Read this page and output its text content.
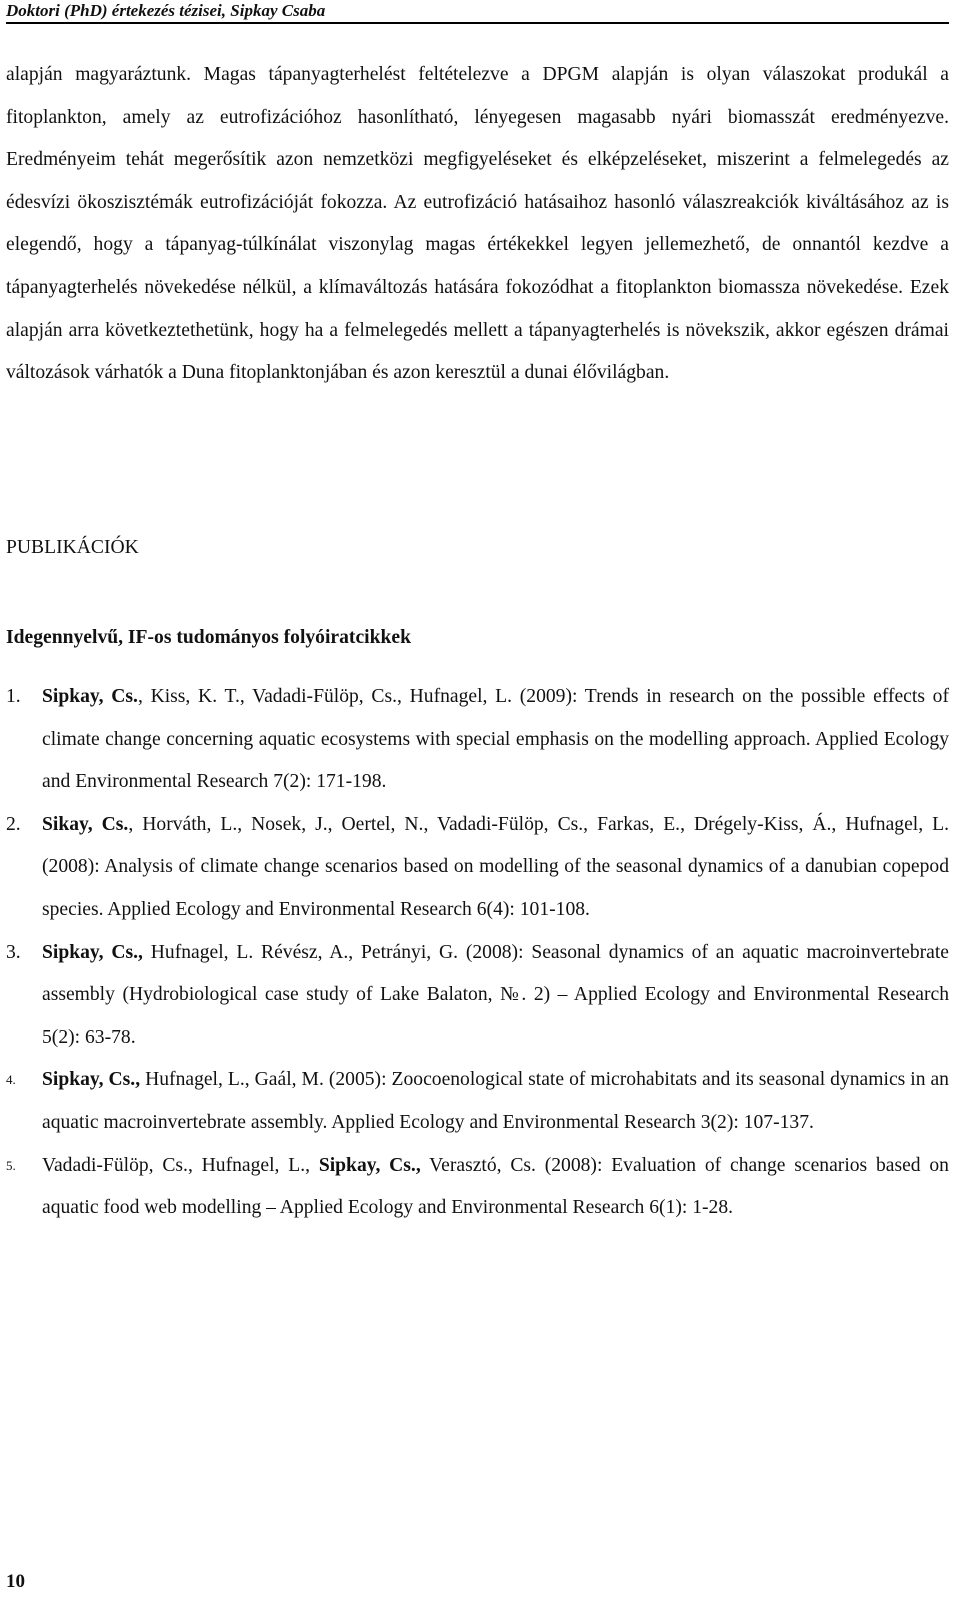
Doktori (PhD) értekezés tézisei, Sipkay Csaba
alapján magyaráztunk. Magas tápanyagterhelést feltételezve a DPGM alapján is olyan válaszokat produkál a fitoplankton, amely az eutrofizációhoz hasonlítható, lényegesen magasabb nyári biomasszát eredményezve. Eredményeim tehát megerősítik azon nemzetközi megfigyeléseket és elképzeléseket, miszerint a felmelegedés az édesvízi ökoszisztémák eutrofizációját fokozza. Az eutrofizáció hatásaihoz hasonló válaszreakciók kiváltásához az is elegendő, hogy a tápanyag-túlkínálat viszonylag magas értékekkel legyen jellemezhető, de onnantól kezdve a tápanyagterhelés növekedése nélkül, a klímaváltozás hatására fokozódhat a fitoplankton biomassza növekedése. Ezek alapján arra következtethetünk, hogy ha a felmelegedés mellett a tápanyagterhelés is növekszik, akkor egészen drámai változások várhatók a Duna fitoplanktonjában és azon keresztül a dunai élővilágban.
PUBLIKÁCIÓK
Idegennyelvű, IF-os tudományos folyóiratcikkek
1. Sipkay, Cs., Kiss, K. T., Vadadi-Fülöp, Cs., Hufnagel, L. (2009): Trends in research on the possible effects of climate change concerning aquatic ecosystems with special emphasis on the modelling approach. Applied Ecology and Environmental Research 7(2): 171-198.
2. Sikay, Cs., Horváth, L., Nosek, J., Oertel, N., Vadadi-Fülöp, Cs., Farkas, E., Drégely-Kiss, Á., Hufnagel, L. (2008): Analysis of climate change scenarios based on modelling of the seasonal dynamics of a danubian copepod species. Applied Ecology and Environmental Research 6(4): 101-108.
3. Sipkay, Cs., Hufnagel, L. Révész, A., Petrányi, G. (2008): Seasonal dynamics of an aquatic macroinvertebrate assembly (Hydrobiological case study of Lake Balaton, №. 2) – Applied Ecology and Environmental Research 5(2): 63-78.
4. Sipkay, Cs., Hufnagel, L., Gaál, M. (2005): Zoocoenological state of microhabitats and its seasonal dynamics in an aquatic macroinvertebrate assembly. Applied Ecology and Environmental Research 3(2): 107-137.
5. Vadadi-Fülöp, Cs., Hufnagel, L., Sipkay, Cs., Verasztó, Cs. (2008): Evaluation of change scenarios based on aquatic food web modelling – Applied Ecology and Environmental Research 6(1): 1-28.
10
